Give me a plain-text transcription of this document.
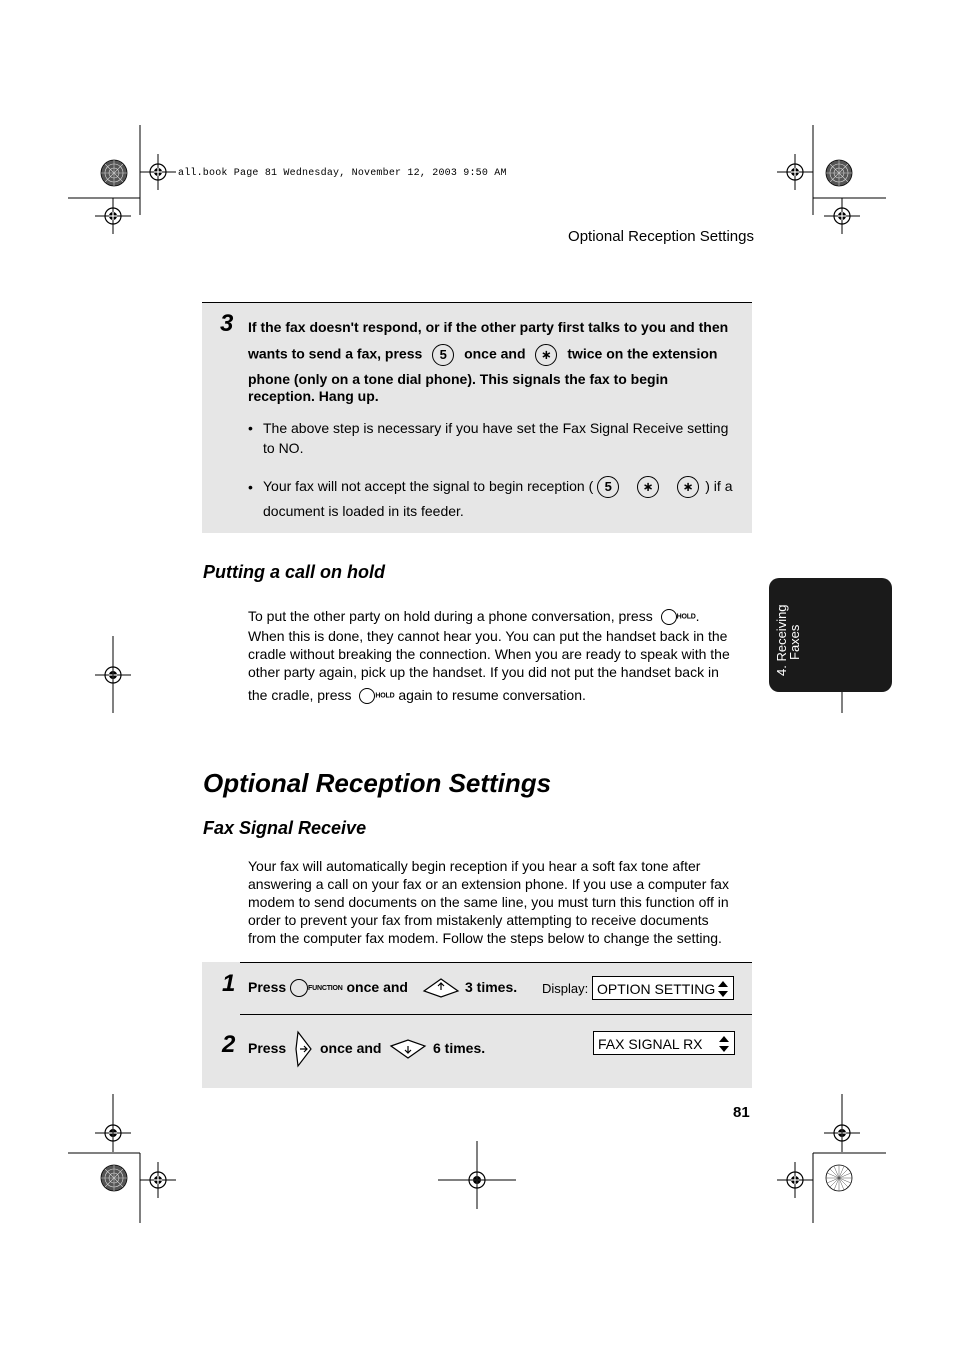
all.book Page 81 Wednesday, November 12, 2003 9:50 AM
Optional Reception Settings
3 If the fax doesn't respond, or if the other party first talks to you and then
wants to send a fax, press 5 once and ∗ twice on the extension
phone (only on a tone dial phone). This signals the fax to begin
reception. Hang up.
• The above step is necessary if you have set the Fax Signal Receive setting to NO.
• Your fax will not accept the signal to begin reception ( 5 ∗ ∗ ) if a
document is loaded in its feeder.
Putting a call on hold
To put the other party on hold during a phone conversation, press	HOLD.
When this is done, they cannot hear you. You can put the handset back in the
cradle without breaking the connection. When you are ready to speak with the
other party again, pick up the handset. If you did not put the handset back in
the cradle, press	HOLD again to resume conversation.
4. Receiving
Faxes
Optional Reception Settings
Fax Signal Receive
Your fax will automatically begin reception if you hear a soft fax tone after
answering a call on your fax or an extension phone. If you use a computer fax
modem to send documents on the same line, you must turn this function off in
order to prevent your fax from mistakenly attempting to receive documents
from the computer fax modem. Follow the steps below to change the setting.
1 Press	FUNCTION once and	3 times. Display: OPTION SETTING
2 Press once and	6 times.	FAX SIGNAL RX
81
